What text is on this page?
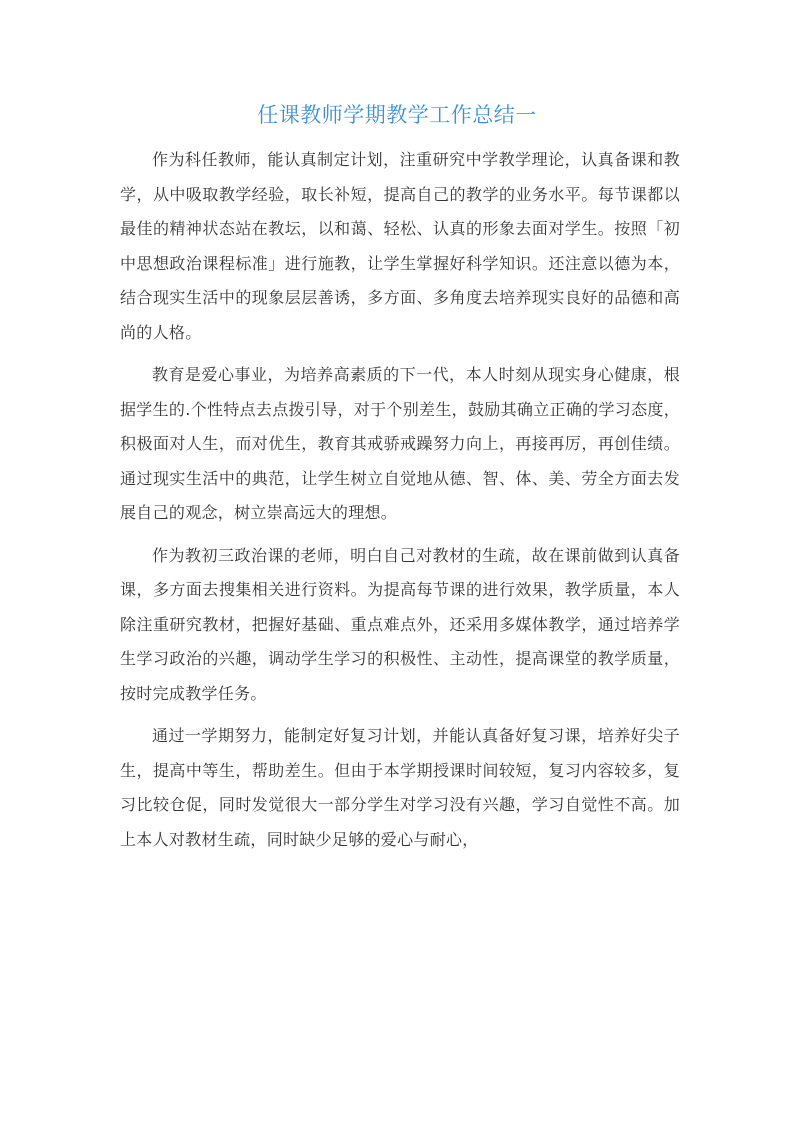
任课教师学期教学工作总结一

作为科任教师，能认真制定计划，注重研究中学教学理论，认真备课和教学，从中吸取教学经验，取长补短，提高自己的教学的业务水平。每节课都以最佳的精神状态站在教坛，以和蔼、轻松、认真的形象去面对学生。按照「初中思想政治课程标准」进行施教，让学生掌握好科学知识。还注意以德为本，结合现实生活中的现象层层善诱，多方面、多角度去培养现实良好的品德和高尚的人格。

教育是爱心事业，为培养高素质的下一代，本人时刻从现实身心健康，根据学生的.个性特点去点拨引导，对于个别差生，鼓励其确立正确的学习态度，积极面对人生，而对优生，教育其戒骄戒躁努力向上，再接再厉，再创佳绩。通过现实生活中的典范，让学生树立自觉地从德、智、体、美、劳全方面去发展自己的观念，树立崇高远大的理想。

作为教初三政治课的老师，明白自己对教材的生疏，故在课前做到认真备课，多方面去搜集相关进行资料。为提高每节课的进行效果，教学质量，本人除注重研究教材，把握好基础、重点难点外，还采用多媒体教学，通过培养学生学习政治的兴趣，调动学生学习的积极性、主动性，提高课堂的教学质量，按时完成教学任务。

通过一学期努力，能制定好复习计划，并能认真备好复习课，培养好尖子生，提高中等生，帮助差生。但由于本学期授课时间较短，复习内容较多，复习比较仓促，同时发觉很大一部分学生对学习没有兴趣，学习自觉性不高。加上本人对教材生疏，同时缺少足够的爱心与耐心，
